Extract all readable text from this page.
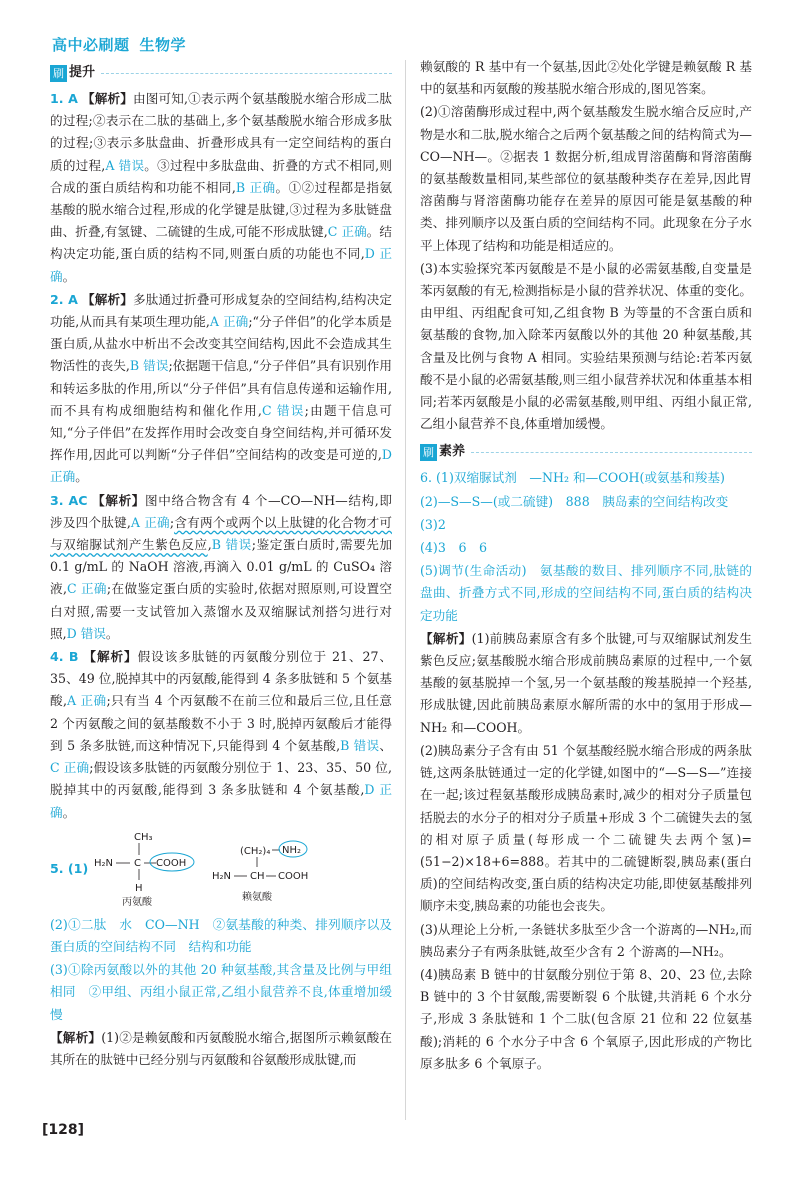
高中必刷题 生物学
刷 提升

1. A 【解析】由图可知,①表示两个氨基酸脱水缩合形成二肽的过程;②表示在二肽的基础上,多个氨基酸脱水缩合形成多肽的过程;③表示多肽盘曲、折叠形成具有一定空间结构的蛋白质的过程,A 错误。③过程中多肽盘曲、折叠的方式不相同,则合成的蛋白质结构和功能不相同,B 正确。①②过程都是指氨基酸的脱水缩合过程,形成的化学键是肽键,③过程为多肽链盘曲、折叠,有氢键、二硫键的生成,可能不形成肽键,C 正确。结构决定功能,蛋白质的结构不同,则蛋白质的功能也不同,D 正确。

2. A 【解析】多肽通过折叠可形成复杂的空间结构,结构决定功能,从而具有某项生理功能,A 正确;“分子伴侣”的化学本质是蛋白质,从盐水中析出不会改变其空间结构,因此不会造成其生物活性的丧失,B 错误;依据题干信息,“分子伴侣”具有识别作用和转运多肽的作用,所以“分子伴侣”具有信息传递和运输作用,而不具有构成细胞结构和催化作用,C 错误;由题干信息可知,“分子伴侣”在发挥作用时会改变自身空间结构,并可循环发挥作用,因此可以判断“分子伴侣”空间结构的改变是可逆的,D 正确。

3. AC 【解析】图中络合物含有 4 个—CO—NH—结构,即涉及四个肽键,A 正确;含有两个或两个以上肽键的化合物才可与双缩脲试剂产生紫色反应,B 错误;鉴定蛋白质时,需要先加 0.1 g/mL 的 NaOH 溶液,再滴入 0.01 g/mL 的 CuSO₄ 溶液,C 正确;在做鉴定蛋白质的实验时,依据对照原则,可设置空白对照,需要一支试管加入蒸馏水及双缩脲试剂搭匀进行对照,D 错误。

4. B 【解析】假设该多肽链的丙氨酸分别位于 21、27、35、49 位,脱掉其中的丙氨酸,能得到 4 条多肽链和 5 个氨基酸,A 正确;只有当 4 个丙氨酸不在前三位和最后三位,且任意 2 个丙氨酸之间的氨基酸数不小于 3 时,脱掉丙氨酸后才能得到 5 条多肽链,而这种情况下,只能得到 4 个氨基酸,B 错误、C 正确;假设该多肽链的丙氨酸分别位于 1、23、35、50 位,脱掉其中的丙氨酸,能得到 3 条多肽链和 4 个氨基酸,D 正确。

5. (1)
CH₃
H₂N C COOH
H
丙氨酸
(CH₂)₄ NH₂
H₂N CH COOH
赖氨酸

(2)①二肽　水　CO—NH　②氨基酸的种类、排列顺序以及蛋白质的空间结构不同　结构和功能

(3)①除丙氨酸以外的其他 20 种氨基酸,其含量及比例与甲组相同　②甲组、丙组小鼠正常,乙组小鼠营养不良,体重增加缓慢

【解析】(1)②是赖氨酸和丙氨酸脱水缩合,据图所示赖氨酸在其所在的肽链中已经分别与丙氨酸和谷氨酸形成肽键,而

赖氨酸的 R 基中有一个氨基,因此②处化学键是赖氨酸 R 基中的氨基和丙氨酸的羧基脱水缩合形成的,图见答案。

(2)①溶菌酶形成过程中,两个氨基酸发生脱水缩合反应时,产物是水和二肽,脱水缩合之后两个氨基酸之间的结构简式为—CO—NH—。②据表 1 数据分析,组成胃溶菌酶和肾溶菌酶的氨基酸数量相同,某些部位的氨基酸种类存在差异,因此胃溶菌酶与肾溶菌酶功能存在差异的原因可能是氨基酸的种类、排列顺序以及蛋白质的空间结构不同。此现象在分子水平上体现了结构和功能是相适应的。

(3)本实验探究苯丙氨酸是不是小鼠的必需氨基酸,自变量是苯丙氨酸的有无,检测指标是小鼠的营养状况、体重的变化。由甲组、丙组配食可知,乙组食物 B 为等量的不含蛋白质和氨基酸的食物,加入除苯丙氨酸以外的其他 20 种氨基酸,其含量及比例与食物 A 相同。实验结果预测与结论:若苯丙氨酸不是小鼠的必需氨基酸,则三组小鼠营养状况和体重基本相同;若苯丙氨酸是小鼠的必需氨基酸,则甲组、丙组小鼠正常,乙组小鼠营养不良,体重增加缓慢。

刷 素养

6. (1)双缩脲试剂　—NH₂ 和—COOH(或氨基和羧基)

(2)—S—S—(或二硫键)　888　胰岛素的空间结构改变

(3)2

(4)3　6　6

(5)调节(生命活动)　氨基酸的数目、排列顺序不同,肽链的盘曲、折叠方式不同,形成的空间结构不同,蛋白质的结构决定功能

【解析】(1)前胰岛素原含有多个肽键,可与双缩脲试剂发生紫色反应;氨基酸脱水缩合形成前胰岛素原的过程中,一个氨基酸的氨基脱掉一个氢,另一个氨基酸的羧基脱掉一个羟基,形成肽键,因此前胰岛素原水解所需的水中的氢用于形成—NH₂ 和—COOH。

(2)胰岛素分子含有由 51 个氨基酸经脱水缩合形成的两条肽链,这两条肽链通过一定的化学键,如图中的“—S—S—”连接在一起;该过程氨基酸形成胰岛素时,减少的相对分子质量包括脱去的水分子的相对分子质量+形成 3 个二硫键失去的氢的相对原子质量(每形成一个二硫键失去两个氢)=(51−2)×18+6=888。若其中的二硫键断裂,胰岛素(蛋白质)的空间结构改变,蛋白质的结构决定功能,即使氨基酸排列顺序未变,胰岛素的功能也会丧失。

(3)从理论上分析,一条链状多肽至少含一个游离的—NH₂,而胰岛素分子有两条肽链,故至少含有 2 个游离的—NH₂。

(4)胰岛素 B 链中的甘氨酸分别位于第 8、20、23 位,去除 B 链中的 3 个甘氨酸,需要断裂 6 个肽键,共消耗 6 个水分子,形成 3 条肽链和 1 个二肽(包含原 21 位和 22 位氨基酸);消耗的 6 个水分子中含 6 个氧原子,因此形成的产物比原多肽多 6 个氧原子。

[128]
